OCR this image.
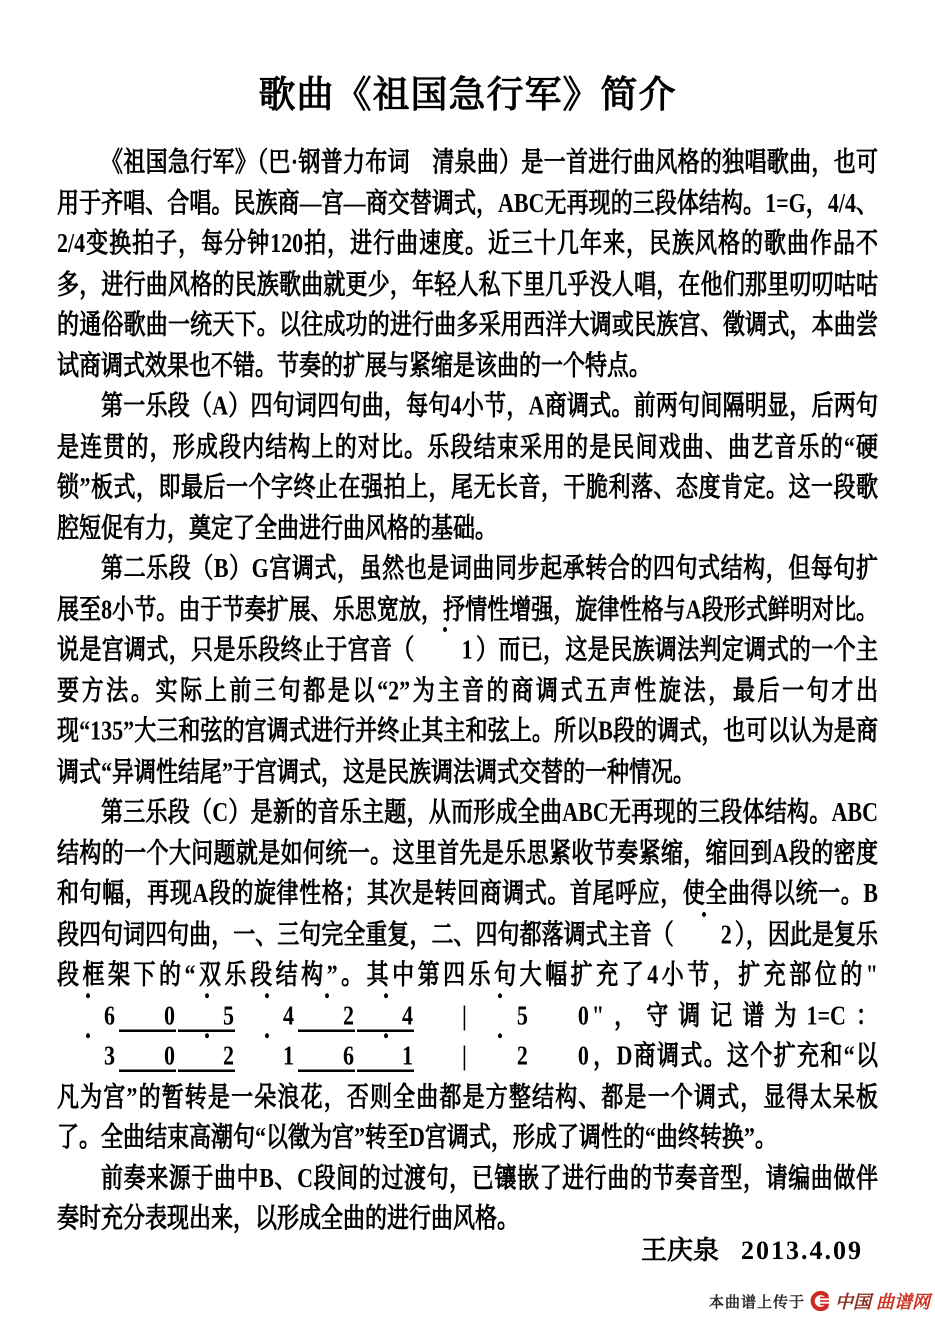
歌曲《祖国急行军》简介

《祖国急行军》（巴·钢普力布词　清泉曲）是一首进行曲风格的独唱歌曲，也可用于齐唱、合唱。民族商—宫—商交替调式，ABC无再现的三段体结构。1=G，4/4、2/4变换拍子，每分钟120拍，进行曲速度。近三十几年来，民族风格的歌曲作品不多，进行曲风格的民族歌曲就更少，年轻人私下里几乎没人唱，在他们那里叨叨咕咕的通俗歌曲一统天下。以往成功的进行曲多采用西洋大调或民族宫、徵调式，本曲尝试商调式效果也不错。节奏的扩展与紧缩是该曲的一个特点。

第一乐段（A）四句词四句曲，每句4小节，A商调式。前两句间隔明显，后两句是连贯的，形成段内结构上的对比。乐段结束采用的是民间戏曲、曲艺音乐的“硬锁”板式，即最后一个字终止在强拍上，尾无长音，干脆利落、态度肯定。这一段歌腔短促有力，奠定了全曲进行曲风格的基础。

第二乐段（B）G宫调式，虽然也是词曲同步起承转合的四句式结构，但每句扩展至8小节。由于节奏扩展、乐思宽放，抒情性增强，旋律性格与A段形式鲜明对比。说是宫调式，只是乐段终止于宫音（ 1 ）而已，这是民族调法判定调式的一个主要方法。实际上前三句都是以“2”为主音的商调式五声性旋法，最后一句才出现“135”大三和弦的宫调式进行并终止其主和弦上。所以B段的调式，也可以认为是商调式“异调性结尾”于宫调式，这是民族调法调式交替的一种情况。

第三乐段（C）是新的音乐主题，从而形成全曲ABC无再现的三段体结构。ABC结构的一个大问题就是如何统一。这里首先是乐思紧收节奏紧缩，缩回到A段的密度和句幅，再现A段的旋律性格；其次是转回商调式。首尾呼应，使全曲得以统一。B段四句词四句曲，一、三句完全重复，二、四句都落调式主音（ 2 ），因此是复乐段框架下的“双乐段结构”。其中第四乐句大幅扩充了4小节，扩充部位的"6 0 5 4 2 4 | 5 0 "，守调记谱为1=C：3 0 2 1 6 1 | 2 0 ，D商调式。这个扩充和“以凡为宫”的暂转是一朵浪花，否则全曲都是方整结构、都是一个调式，显得太呆板了。全曲结束高潮句“以徵为宫”转至D宫调式，形成了调性的“曲终转换”。

前奏来源于曲中B、C段间的过渡句，已镶嵌了进行曲的节奏音型，请编曲做伴奏时充分表现出来，以形成全曲的进行曲风格。

王庆泉 2013.4.09
本曲谱上传于 中国 曲谱网
